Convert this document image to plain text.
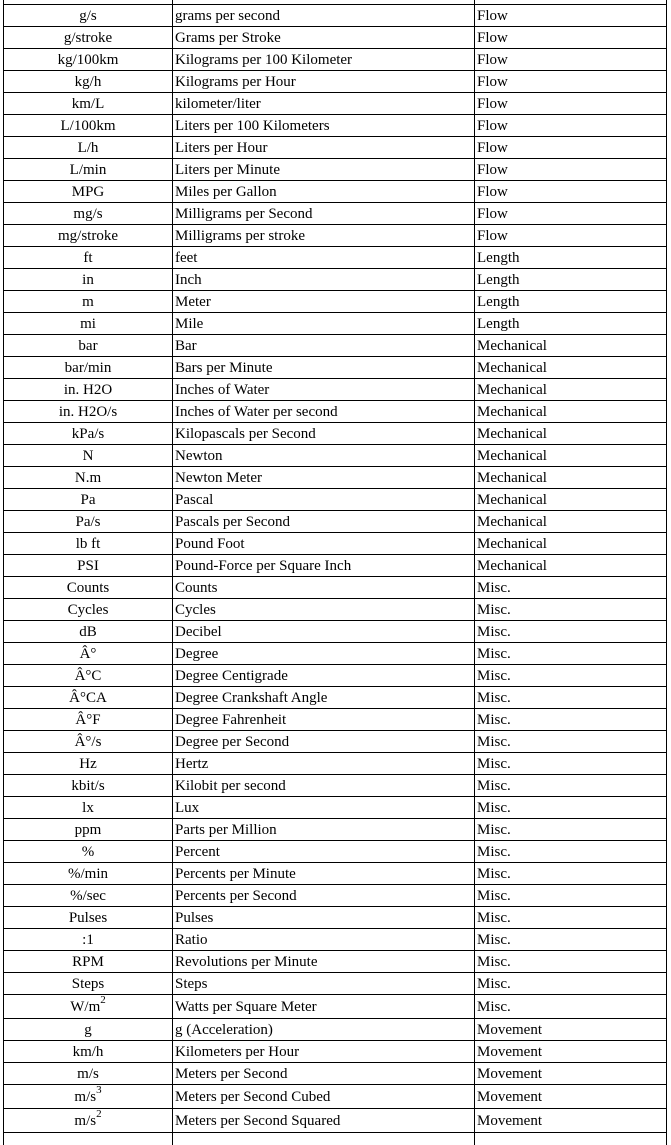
g/s	grams per second	Flow
g/stroke	Grams per Stroke	Flow
kg/100km	Kilograms per 100 Kilometer	Flow
kg/h	Kilograms per Hour	Flow
km/L	kilometer/liter	Flow
L/100km	Liters per 100 Kilometers	Flow
L/h	Liters per Hour	Flow
L/min	Liters per Minute	Flow
MPG	Miles per Gallon	Flow
mg/s	Milligrams per Second	Flow
mg/stroke	Milligrams per stroke	Flow
ft	feet	Length
in	Inch	Length
m	Meter	Length
mi	Mile	Length
bar	Bar	Mechanical
bar/min	Bars per Minute	Mechanical
in. H2O	Inches of Water	Mechanical
in. H2O/s	Inches of Water per second	Mechanical
kPa/s	Kilopascals per Second	Mechanical
N	Newton	Mechanical
N.m	Newton Meter	Mechanical
Pa	Pascal	Mechanical
Pa/s	Pascals per Second	Mechanical
lb ft	Pound Foot	Mechanical
PSI	Pound-Force per Square Inch	Mechanical
Counts	Counts	Misc.
Cycles	Cycles	Misc.
dB	Decibel	Misc.
Â°	Degree	Misc.
Â°C	Degree Centigrade	Misc.
Â°CA	Degree Crankshaft Angle	Misc.
Â°F	Degree Fahrenheit	Misc.
Â°/s	Degree per Second	Misc.
Hz	Hertz	Misc.
kbit/s	Kilobit per second	Misc.
lx	Lux	Misc.
ppm	Parts per Million	Misc.
%	Percent	Misc.
%/min	Percents per Minute	Misc.
%/sec	Percents per Second	Misc.
Pulses	Pulses	Misc.
:1	Ratio	Misc.
RPM	Revolutions per Minute	Misc.
Steps	Steps	Misc.
$W/m^2$	Watts per Square Meter	Misc.
g	g (Acceleration)	Movement
km/h	Kilometers per Hour	Movement
m/s	Meters per Second	Movement
$m/s^3$	Meters per Second Cubed	Movement
$m/s^2$	Meters per Second Squared	Movement
